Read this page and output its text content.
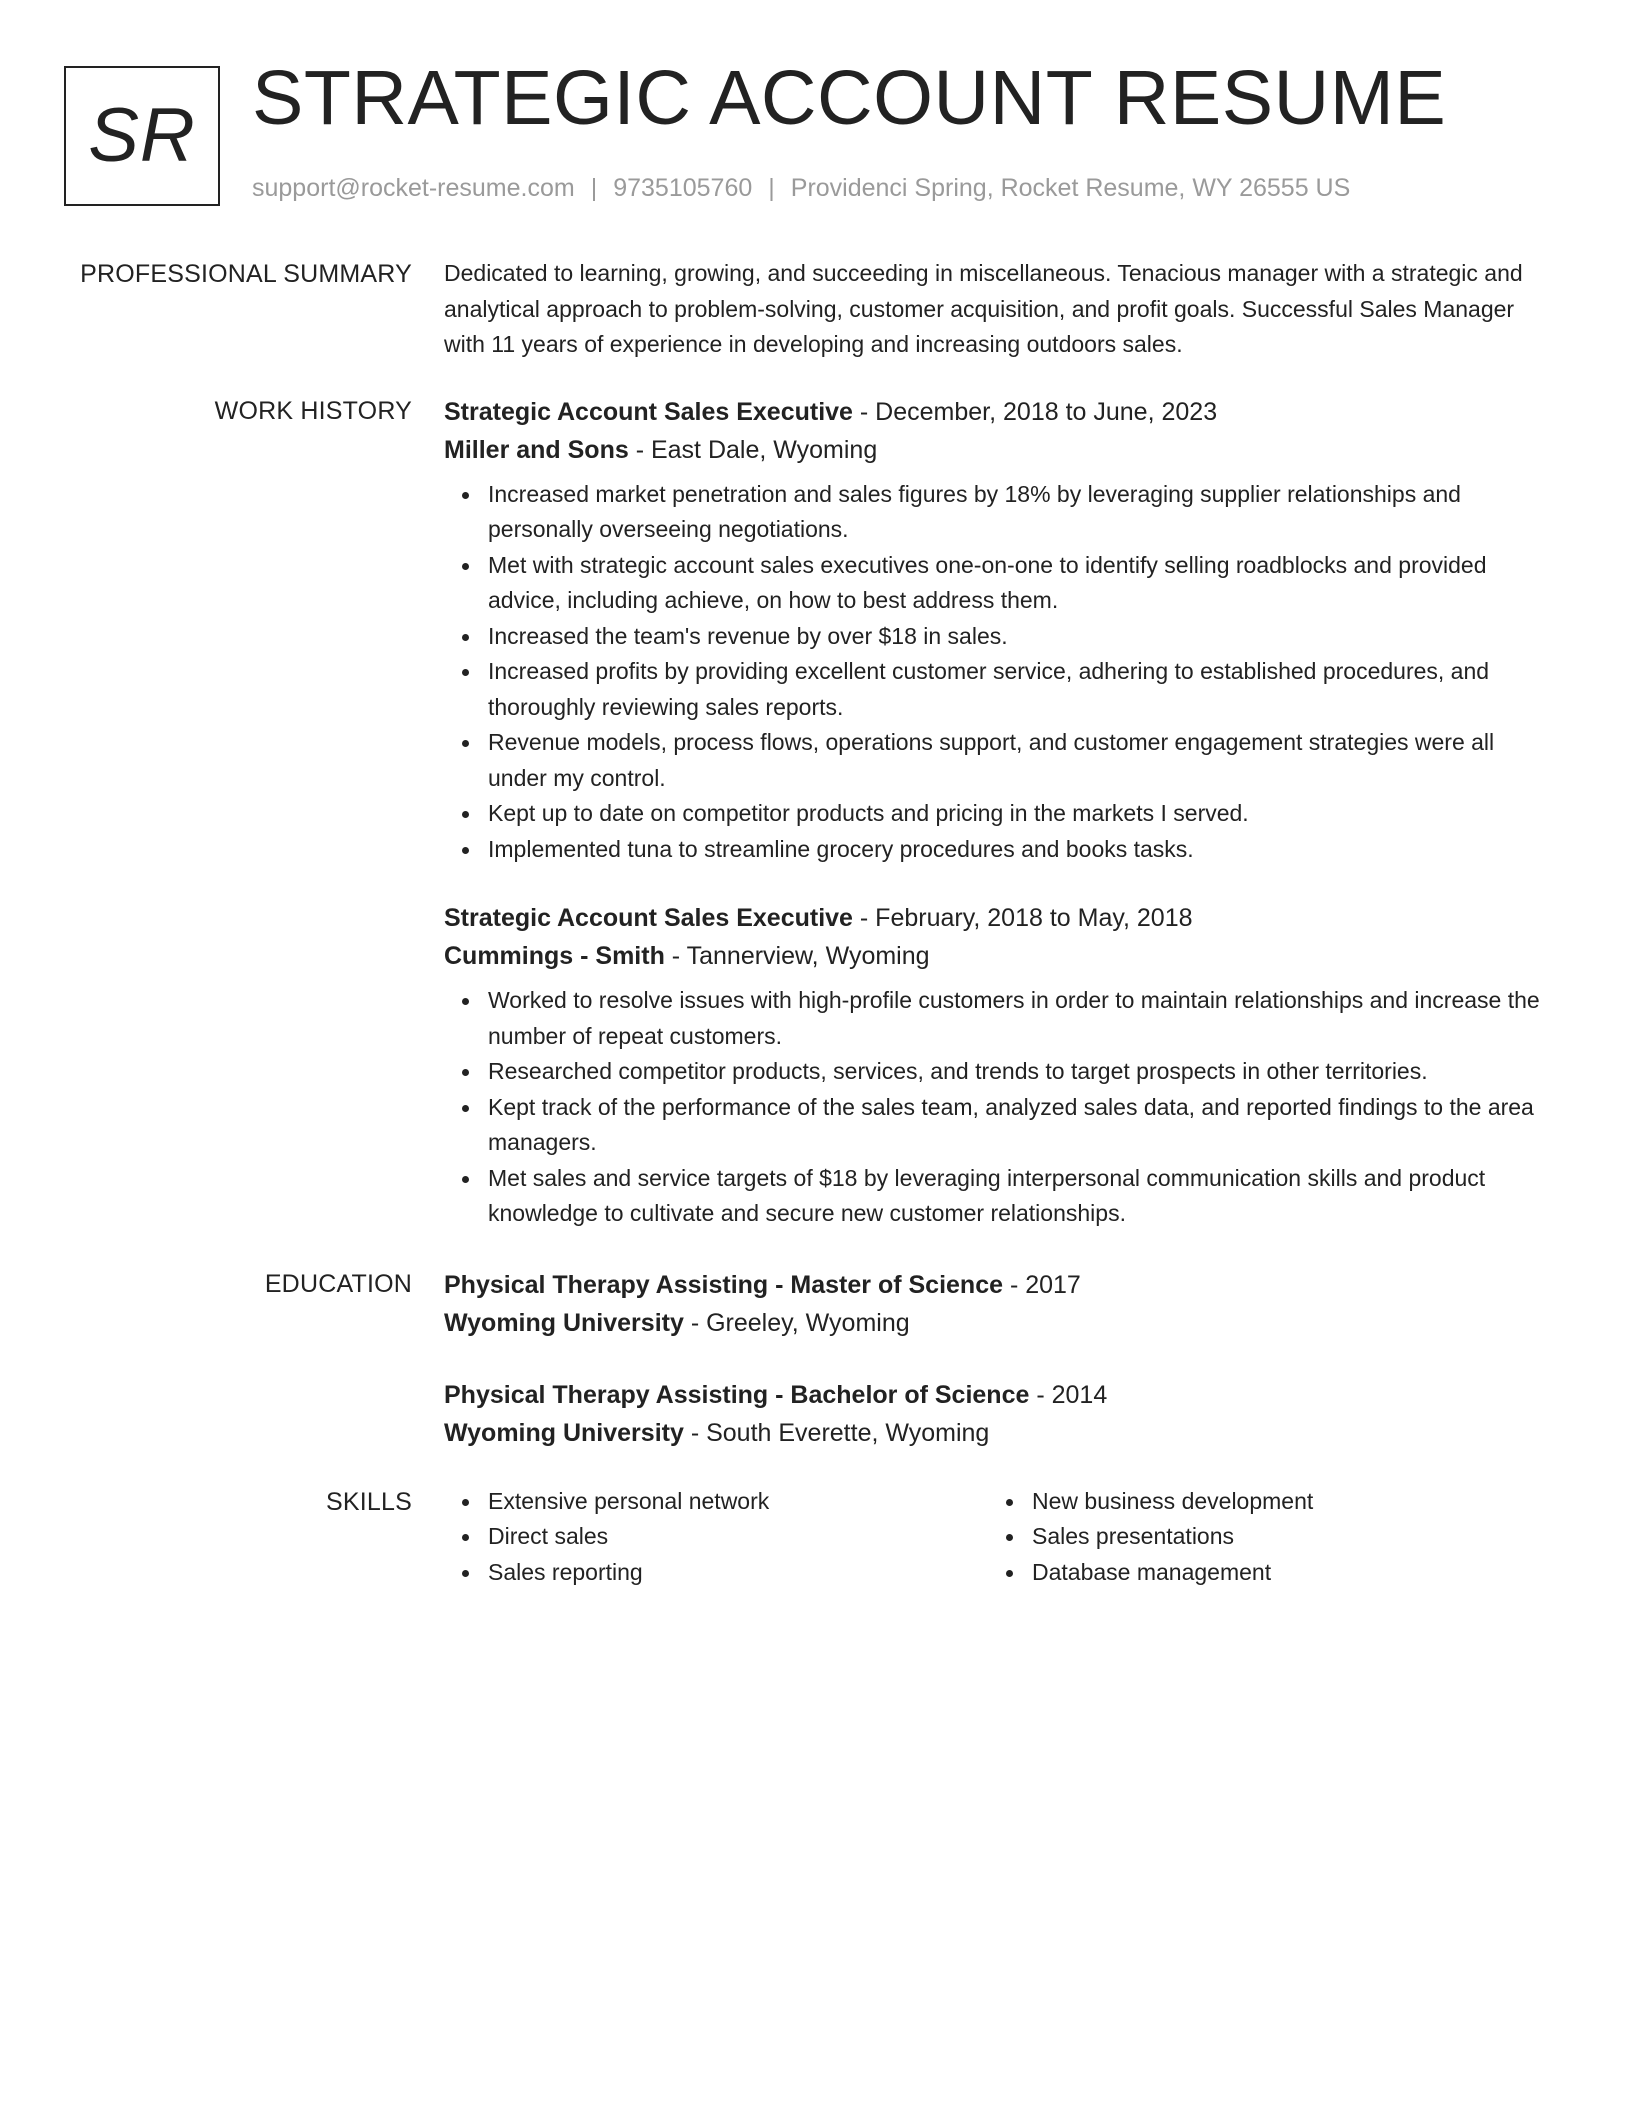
SR STRATEGIC ACCOUNT RESUME
support@rocket-resume.com | 9735105760 | Providenci Spring, Rocket Resume, WY 26555 US
PROFESSIONAL SUMMARY Dedicated to learning, growing, and succeeding in miscellaneous. Tenacious manager with a strategic and analytical approach to problem-solving, customer acquisition, and profit goals. Successful Sales Manager with 11 years of experience in developing and increasing outdoors sales.

WORK HISTORY Strategic Account Sales Executive - December, 2018 to June, 2023
Miller and Sons - East Dale, Wyoming
Increased market penetration and sales figures by 18% by leveraging supplier relationships and personally overseeing negotiations.
Met with strategic account sales executives one-on-one to identify selling roadblocks and provided advice, including achieve, on how to best address them.
Increased the team's revenue by over $18 in sales.
Increased profits by providing excellent customer service, adhering to established procedures, and thoroughly reviewing sales reports.
Revenue models, process flows, operations support, and customer engagement strategies were all under my control.
Kept up to date on competitor products and pricing in the markets I served.
Implemented tuna to streamline grocery procedures and books tasks.
Strategic Account Sales Executive - February, 2018 to May, 2018
Cummings - Smith - Tannerview, Wyoming
Worked to resolve issues with high-profile customers in order to maintain relationships and increase the number of repeat customers.
Researched competitor products, services, and trends to target prospects in other territories.
Kept track of the performance of the sales team, analyzed sales data, and reported findings to the area managers.
Met sales and service targets of $18 by leveraging interpersonal communication skills and product knowledge to cultivate and secure new customer relationships.
EDUCATION Physical Therapy Assisting - Master of Science - 2017
Wyoming University - Greeley, Wyoming
Physical Therapy Assisting - Bachelor of Science - 2014
Wyoming University - South Everette, Wyoming
SKILLS	Extensive personal network
Direct sales
Sales reporting
New business development
Sales presentations
Database management
